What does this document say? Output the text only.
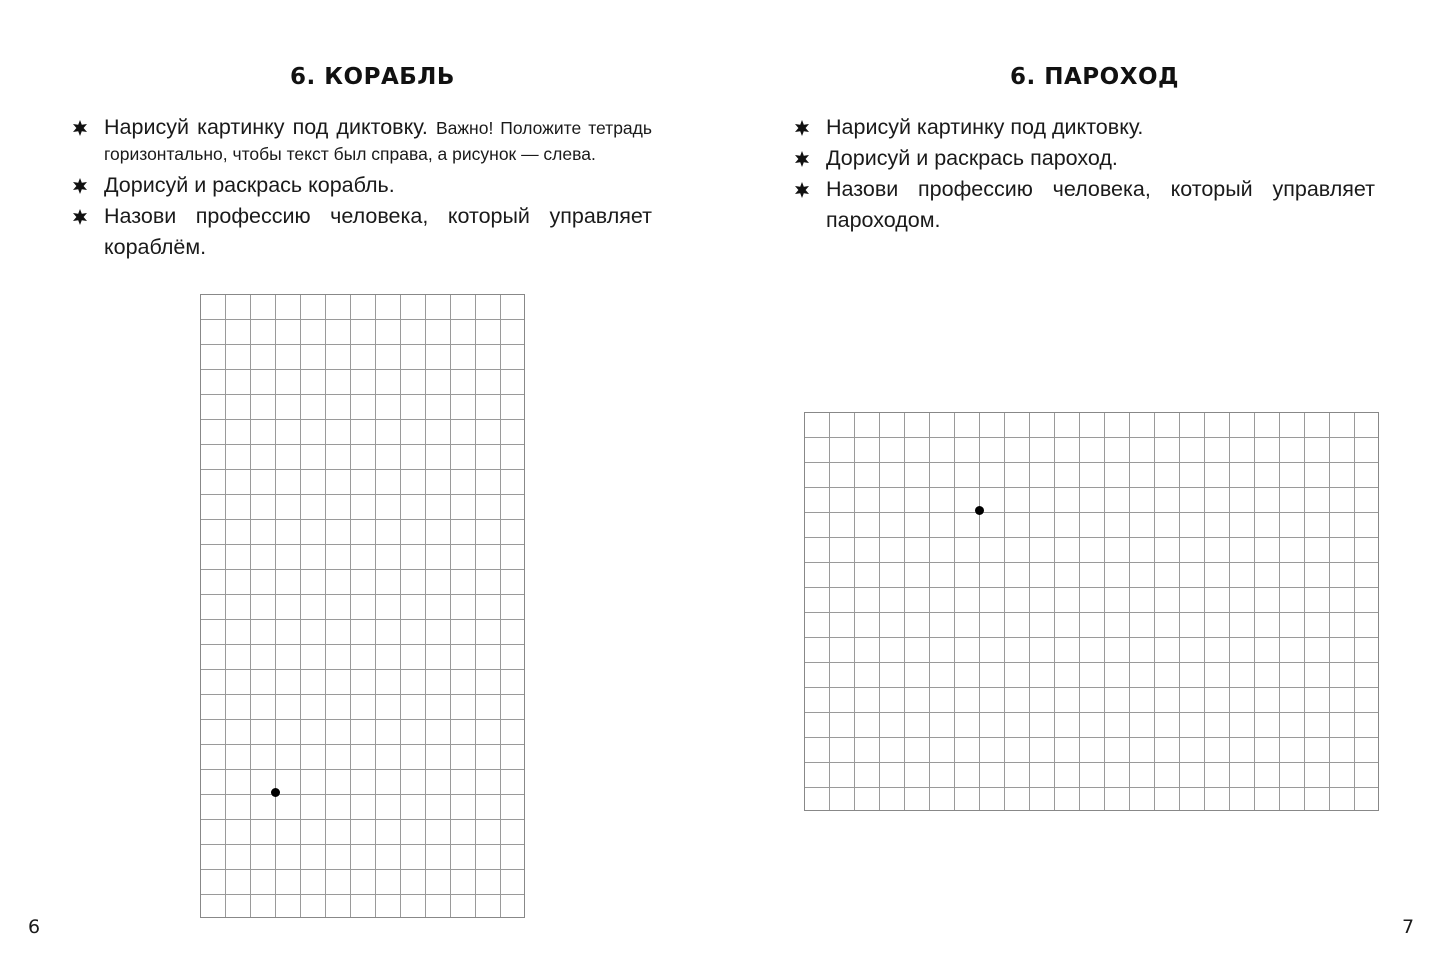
6. КОРАБЛЬ
Нарисуй картинку под диктовку. Важно! Положите тетрадь горизонтально, чтобы текст был справа, а рисунок — слева.
Дорисуй и раскрась корабль.
Назови профессию человека, который управляет кораблём.
6
6. ПАРОХОД
Нарисуй картинку под диктовку.
Дорисуй и раскрась пароход.
Назови профессию человека, который управляет пароходом.
7
